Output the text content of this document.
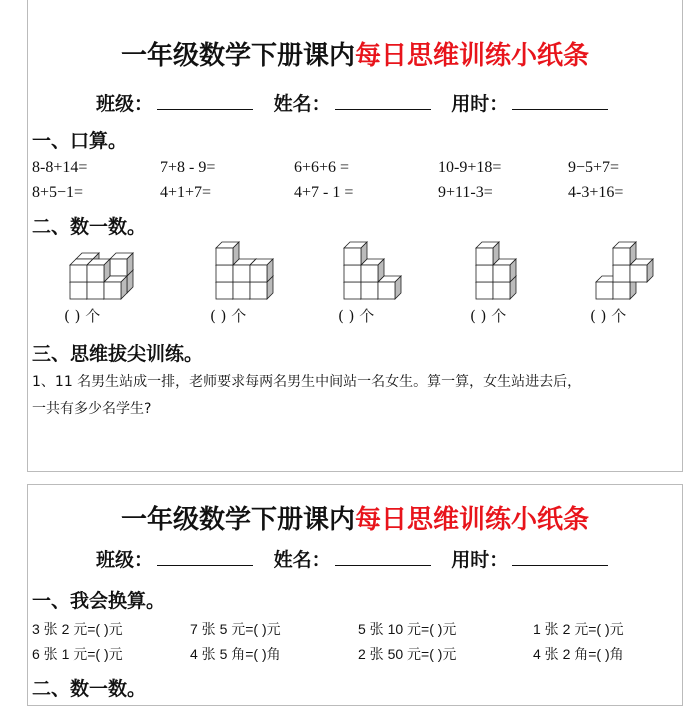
一年级数学下册课内每日思维训练小纸条
班级：	姓名：	用时：
一、口算。
8-8+14=	7+8 - 9=	6+6+6 =	10-9+18=	9−5+7=
8+5−1=	4+1+7=	4+7 - 1 =	9+11-3=	4-3+16=
二、数一数。
( ) 个	( ) 个	( ) 个	( ) 个	( ) 个
三、思维拔尖训练。
1、11 名男生站成一排，老师要求每两名男生中间站一名女生。算一算，女生站进去后，
一共有多少名学生?
一年级数学下册课内每日思维训练小纸条
班级：	姓名：	用时：
一、我会换算。
3 张 2 元=( )元	7 张 5 元=( )元	5 张 10 元=( )元	1 张 2 元=( )元
6 张 1 元=( )元	4 张 5 角=( )角	2 张 50 元=( )元	4 张 2 角=( )角
二、数一数。
